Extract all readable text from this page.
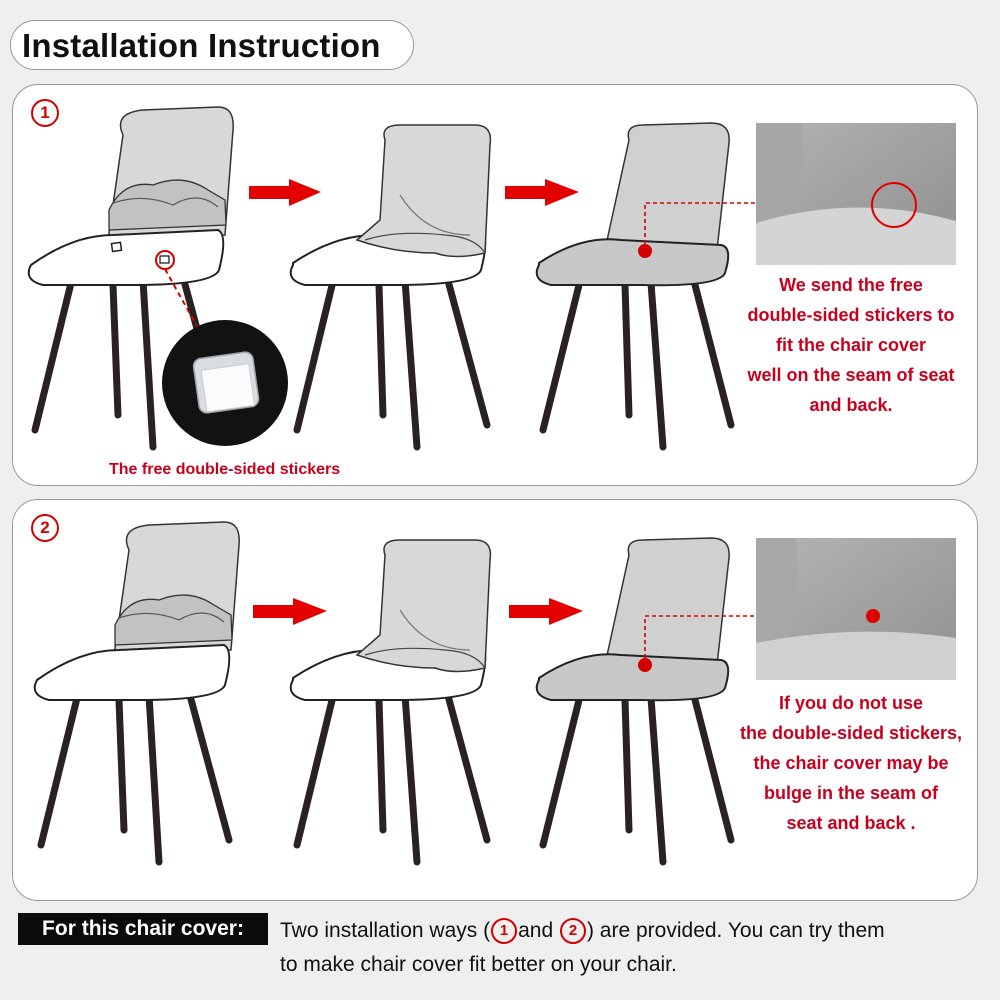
Installation Instruction
1
We send the free
double-sided stickers to
fit the chair cover
well on the seam of seat
and back.
The free double-sided stickers
2
If you do not use
the double-sided stickers,
the chair cover may be
bulge in the seam of
seat and back .
For this chair cover:	Two installation ways ( 1 and 2 ) are provided. You can try them
to make chair cover fit better on your chair.
